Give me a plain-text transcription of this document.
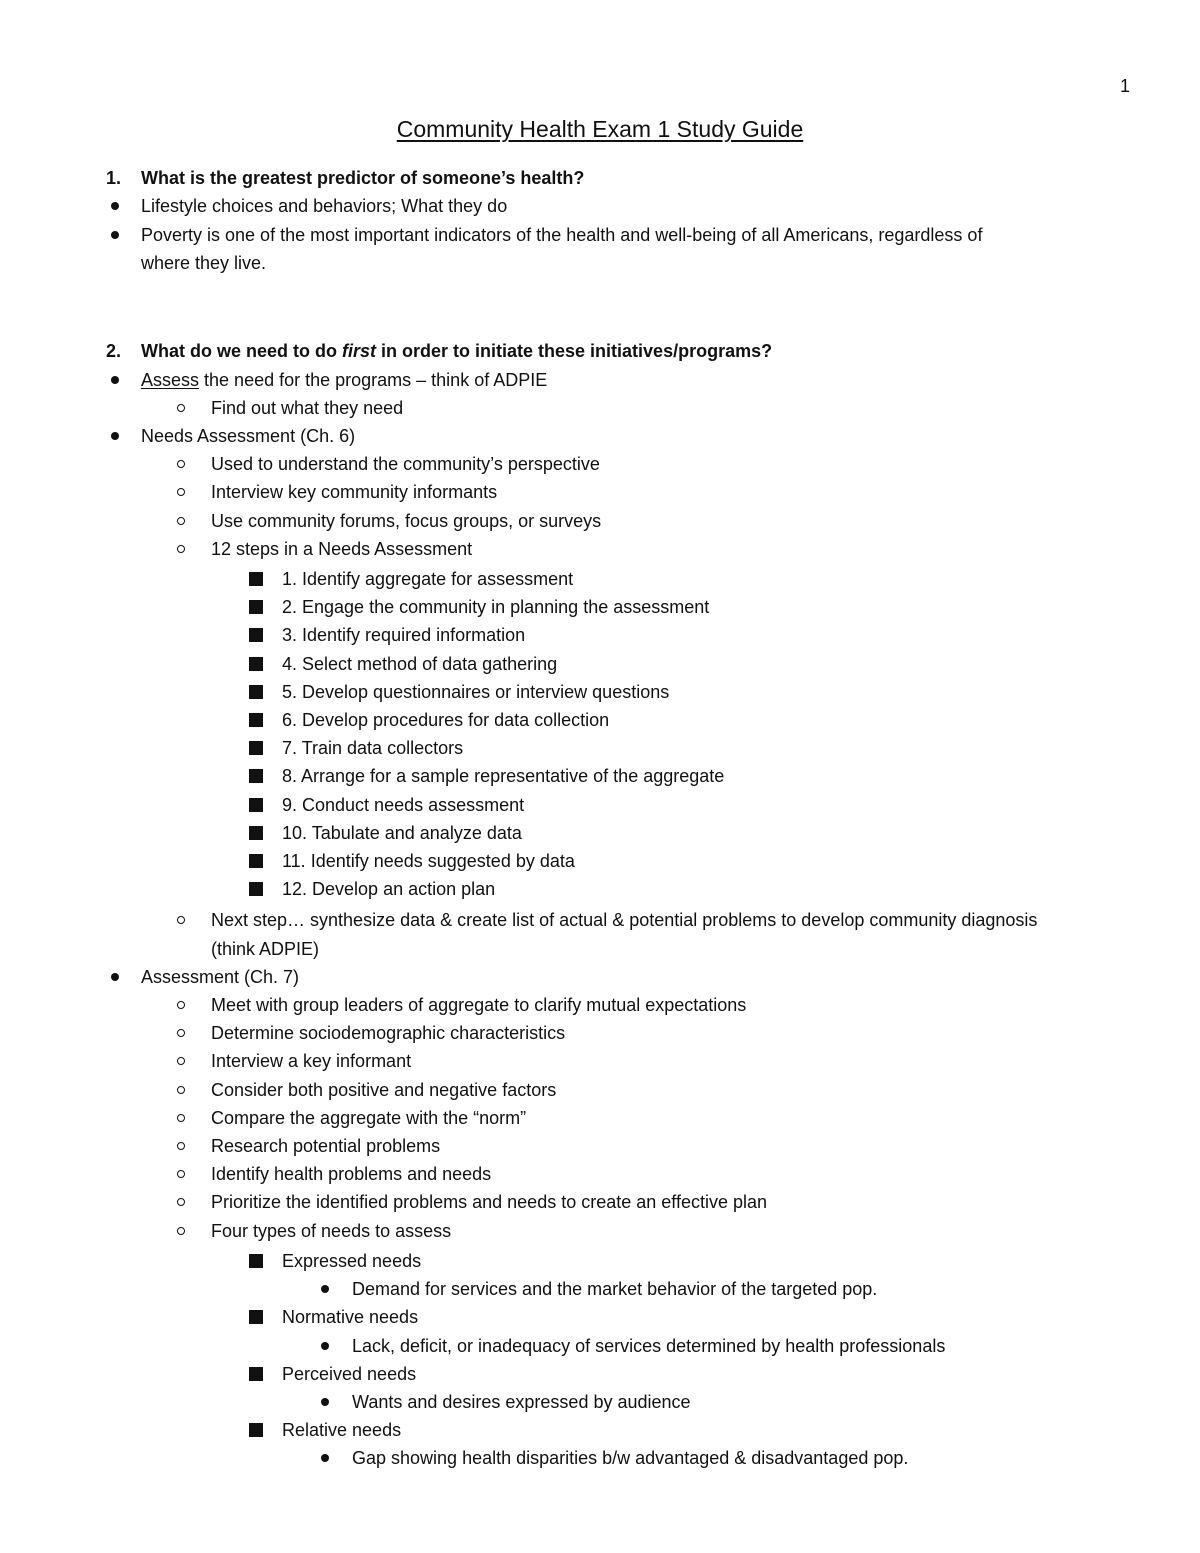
1
Community Health Exam 1 Study Guide
1. What is the greatest predictor of someone’s health?
Lifestyle choices and behaviors; What they do
Poverty is one of the most important indicators of the health and well-being of all Americans, regardless of
where they live.
2. What do we need to do first in order to initiate these initiatives/programs?
Assess the need for the programs – think of ADPIE
Find out what they need
Needs Assessment (Ch. 6)
Used to understand the community’s perspective
Interview key community informants
Use community forums, focus groups, or surveys
12 steps in a Needs Assessment
1. Identify aggregate for assessment
2. Engage the community in planning the assessment
3. Identify required information
4. Select method of data gathering
5. Develop questionnaires or interview questions
6. Develop procedures for data collection
7. Train data collectors
8. Arrange for a sample representative of the aggregate
9. Conduct needs assessment
10. Tabulate and analyze data
11. Identify needs suggested by data
12. Develop an action plan
Next step… synthesize data & create list of actual & potential problems to develop community diagnosis
(think ADPIE)
Assessment (Ch. 7)
Meet with group leaders of aggregate to clarify mutual expectations
Determine sociodemographic characteristics
Interview a key informant
Consider both positive and negative factors
Compare the aggregate with the “norm”
Research potential problems
Identify health problems and needs
Prioritize the identified problems and needs to create an effective plan
Four types of needs to assess
Expressed needs
Demand for services and the market behavior of the targeted pop.
Normative needs
Lack, deficit, or inadequacy of services determined by health professionals
Perceived needs
Wants and desires expressed by audience
Relative needs
Gap showing health disparities b/w advantaged & disadvantaged pop.
